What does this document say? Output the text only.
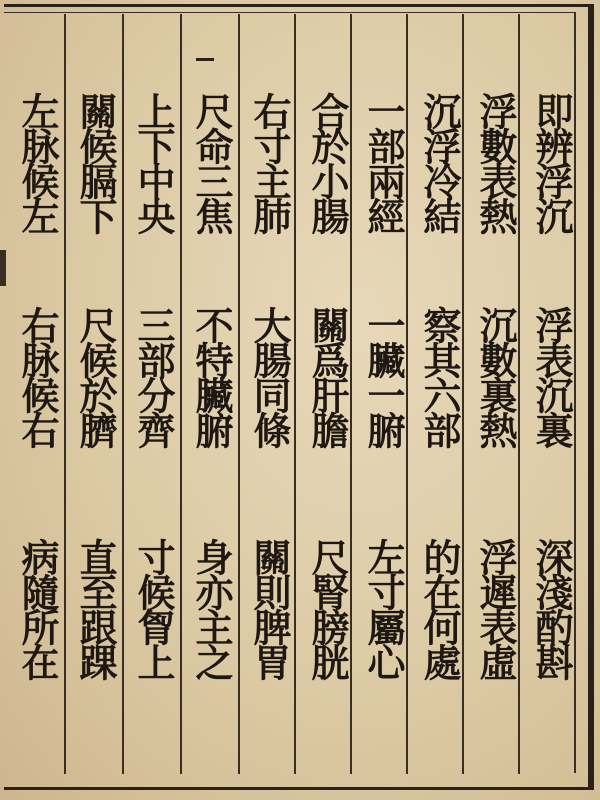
即辨浮沉
浮表沉裏
深淺酌斟
浮數表熱
沉數裏熱
浮遲表虛
沉浮冷結
察其六部
的在何處
一部兩經
一臟一腑
左寸屬心
合於小腸
關爲肝膽
尺腎膀胱
右寸主肺
大腸同條
關則脾胃
尺命三焦
不特臟腑
身亦主之
上下中央
三部分齊
寸候胷上
關候膈下
尺候於臍
直至跟踝
左脉候左
右脉候右
病隨所在
